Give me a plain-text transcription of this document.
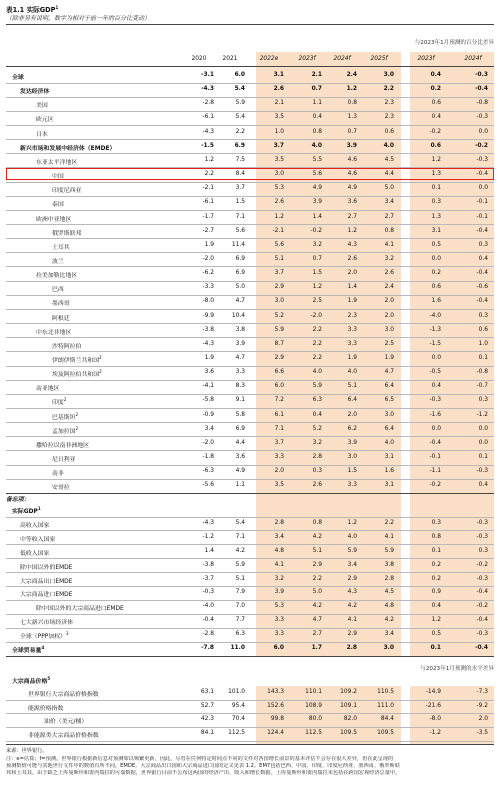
表1.1 实际GDP$^1$
（除非另有说明，数字为相对于前一年的百分比变动）
与2023年1月预测的百分比差异
2020	2021	2022e	2023f	2024f	2025f	2023f	2024f
全球	-3.1	6.0	3.1	2.1	2.4	3.0	0.4	-0.3
发达经济体	-4.3	5.4	2.6	0.7	1.2	2.2	0.2	-0.4
美国	-2.8	5.9	2.1	1.1	0.8	2.3	0.6	-0.8
欧元区	-6.1	5.4	3.5	0.4	1.3	2.3	0.4	-0.3
日本	-4.3	2.2	1.0	0.8	0.7	0.6	-0.2	0.0
新兴市场和发展中经济体（EMDE）	-1.5	6.9	3.7	4.0	3.9	4.0	0.6	-0.2
东亚太平洋地区	1.2	7.5	3.5	5.5	4.6	4.5	1.2	-0.3
中国	2.2	8.4	3.0	5.6	4.6	4.4	1.3	-0.4
印度尼西亚	-2.1	3.7	5.3	4.9	4.9	5.0	0.1	0.0
泰国	-6.1	1.5	2.6	3.9	3.6	3.4	0.3	-0.1
欧洲中亚地区	-1.7	7.1	1.2	1.4	2.7	2.7	1.3	-0.1
俄罗斯联邦	-2.7	5.6	-2.1	-0.2	1.2	0.8	3.1	-0.4
土耳其	1.9	11.4	5.6	3.2	4.3	4.1	0.5	0.3
波兰	-2.0	6.9	5.1	0.7	2.6	3.2	0.0	0.4
拉美加勒比地区	-6.2	6.9	3.7	1.5	2.0	2.6	0.2	-0.4
巴西	-3.3	5.0	2.9	1.2	1.4	2.4	0.6	-0.6
墨西哥	-8.0	4.7	3.0	2.5	1.9	2.0	1.6	-0.4
阿根廷	-9.9	10.4	5.2	-2.0	2.3	2.0	-4.0	0.3
中东北非地区	-3.8	3.8	5.9	2.2	3.3	3.0	-1.3	0.6
沙特阿拉伯	-4.3	3.9	8.7	2.2	3.3	2.5	-1.5	1.0
伊朗伊斯兰共和国$^2$	1.9	4.7	2.9	2.2	1.9	1.9	0.0	0.1
埃及阿拉伯共和国$^2$	3.6	3.3	6.6	4.0	4.0	4.7	-0.5	-0.8
南亚地区	-4.1	8.3	6.0	5.9	5.1	6.4	0.4	-0.7
印度$^2$	-5.8	9.1	7.2	6.3	6.4	6.5	-0.3	0.3
巴基斯坦$^2$	-0.9	5.8	6.1	0.4	2.0	3.0	-1.6	-1.2
孟加拉国$^2$	3.4	6.9	7.1	5.2	6.2	6.4	0.0	0.0
撒哈拉以南非洲地区	-2.0	4.4	3.7	3.2	3.9	4.0	-0.4	0.0
尼日利亚	-1.8	3.6	3.3	2.8	3.0	3.1	-0.1	0.1
南非	-6.3	4.9	2.0	0.3	1.5	1.6	-1.1	-0.3
安哥拉	-5.6	1.1	3.5	2.6	3.3	3.1	-0.2	0.4
备忘项：
实际GDP$^1$
高收入国家	-4.3	5.4	2.8	0.8	1.2	2.2	0.3	-0.3
中等收入国家	-1.2	7.1	3.4	4.2	4.0	4.1	0.8	-0.3
低收入国家	1.4	4.2	4.8	5.1	5.9	5.9	0.1	0.3
除中国以外的EMDE	-3.8	5.9	4.1	2.9	3.4	3.8	0.2	-0.2
大宗商品出口EMDE	-3.7	5.1	3.2	2.2	2.9	2.8	0.2	-0.3
大宗商品进口EMDE	-0.3	7.9	3.9	5.0	4.3	4.5	0.9	-0.4
除中国以外的大宗商品进口EMDE	-4.0	7.0	5.3	4.2	4.2	4.8	0.4	-0.2
七大新兴市场经济体	-0.4	7.7	3.3	4.7	4.1	4.2	1.2	-0.4
全球（PPP加权）$^3$	-2.8	6.3	3.3	2.7	2.9	3.4	0.5	-0.3
全球贸易量$^4$	-7.8	11.0	6.0	1.7	2.8	3.0	0.1	-0.4
与2023年1月预测的水平差异
大宗商品价格$^5$
世界银行大宗商品价格指数	63.1	101.0	143.3	110.1	109.2	110.5	-14.9	-7.3
能源价格指数	52.7	95.4	152.6	108.9	109.1	111.0	-21.6	-9.2
油价（美元/桶）	42.3	70.4	99.8	80.0	82.0	84.4	-8.0	2.0
非能源类大宗商品价格指数	84.1	112.5	124.4	112.5	109.5	109.5	-1.2	-3.5
来源：世界银行。
注：e=估算；f=预测。世界银行根据新信息对预测如以频繁更新，因此，尽管在任何特定时间点不同的文件对各国增长前景的基本评估不会存在很大差异，但在此呈现的
预测数值可能与其他世行文件中的数值有所不同。EMDE，大宗商品出口国和大宗商品进口国的定义见表 1.2。EM7包括巴西、中国、印度、印度尼西亚、墨西哥、俄罗斯联
邦和土耳其。由于缺乏土库曼斯坦和委内瑞拉的可靠数据，世界银行目前不公布这两国的经济产出、收入和增长数据。土库曼斯坦和委内瑞拉未包括在跨国宏观经济总量中。
